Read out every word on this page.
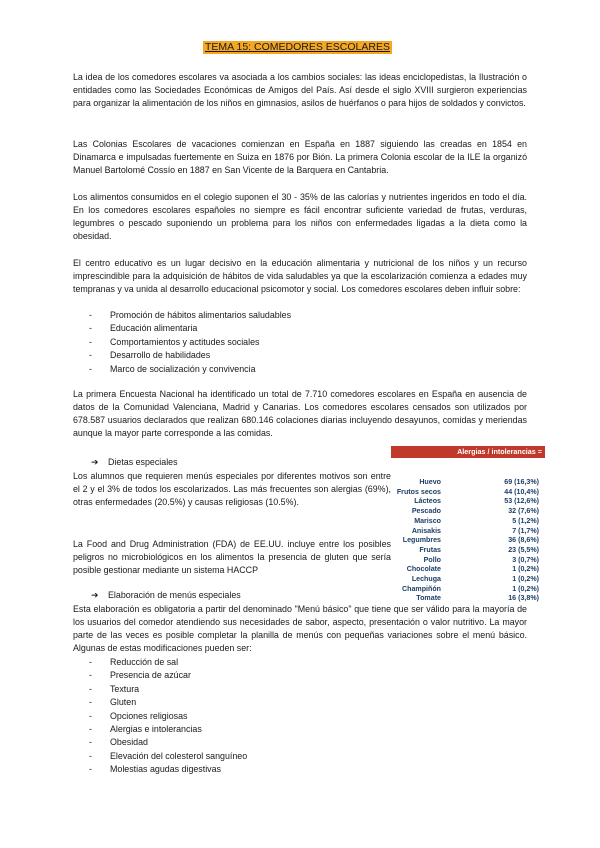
TEMA 15: COMEDORES ESCOLARES

La idea de los comedores escolares va asociada a los cambios sociales: las ideas enciclopedistas, la Ilustración o entidades como las Sociedades Económicas de Amigos del País. Así desde el siglo XVIII surgieron experiencias para organizar la alimentación de los niños en gimnasios, asilos de huérfanos o para hijos de soldados y convictos.

Las Colonias Escolares de vacaciones comienzan en España en 1887 siguiendo las creadas en 1854 en Dinamarca e impulsadas fuertemente en Suiza en 1876 por Bión. La primera Colonia escolar de la ILE la organizó Manuel Bartolomé Cossío en 1887 en San Vicente de la Barquera en Cantabria.

Los alimentos consumidos en el colegio suponen el 30 - 35% de las calorías y nutrientes ingeridos en todo el día. En los comedores escolares españoles no siempre es fácil encontrar suficiente variedad de frutas, verduras, legumbres o pescado suponiendo un problema para los niños con enfermedades ligadas a la dieta como la obesidad.

El centro educativo es un lugar decisivo en la educación alimentaria y nutricional de los niños y un recurso imprescindible para la adquisición de hábitos de vida saludables ya que la escolarización comienza a edades muy tempranas y va unida al desarrollo educacional psicomotor y social. Los comedores escolares deben influir sobre:

- Promoción de hábitos alimentarios saludables
- Educación alimentaria
- Comportamientos y actitudes sociales
- Desarrollo de habilidades
- Marco de socialización y convivencia

La primera Encuesta Nacional ha identificado un total de 7.710 comedores escolares en España en ausencia de datos de la Comunidad Valenciana, Madrid y Canarias. Los comedores escolares censados son utilizados por 678.587 usuarios declarados que realizan 680.146 colaciones diarias incluyendo desayunos, comidas y meriendas aunque la mayor parte corresponde a las comidas.

➔ Dietas especiales

Los alumnos que requieren menús especiales por diferentes motivos son entre el 2 y el 3% de todos los escolarizados. Las más frecuentes son alergias (69%), otras enfermedades (20.5%) y causas religiosas (10.5%).

La Food and Drug Administration (FDA) de EE.UU. incluye entre los posibles peligros no microbiológicos en los alimentos la presencia de gluten que sería posible gestionar mediante un sistema HACCP

Alergias / intolerancias =
Huevo	69 (16,3%)
Frutos secos	44 (10,4%)
Lácteos	53 (12,6%)
Pescado	32 (7,6%)
Marisco	5 (1,2%)
Anisakis	7 (1,7%)
Legumbres	36 (8,6%)
Frutas	23 (5,5%)
Pollo	3 (0,7%)
Chocolate	1 (0,2%)
Lechuga	1 (0,2%)
Champiñón	1 (0,2%)
Tomate	16 (3,8%)
➔ Elaboración de menús especiales

Esta elaboración es obligatoria a partir del denominado "Menú básico" que tiene que ser válido para la mayoría de los usuarios del comedor atendiendo sus necesidades de sabor, aspecto, presentación o valor nutritivo. La mayor parte de las veces es posible completar la planilla de menús con pequeñas variaciones sobre el menú básico. Algunas de estas modificaciones pueden ser:

- Reducción de sal
- Presencia de azúcar
- Textura
- Gluten
- Opciones religiosas
- Alergias e intolerancias
- Obesidad
- Elevación del colesterol sanguíneo
- Molestias agudas digestivas
